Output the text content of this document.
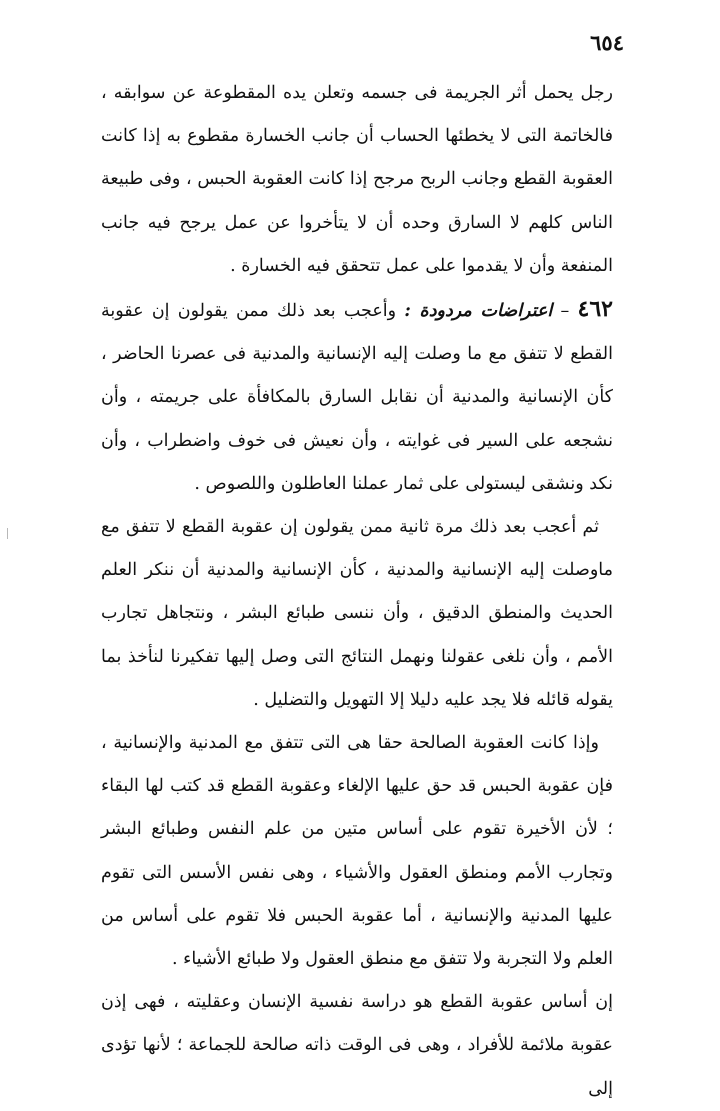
٦٥٤

رجل يحمل أثر الجريمة فى جسمه وتعلن يده المقطوعة عن سوابقه ، فالخاتمة التى لا يخطئها الحساب أن جانب الخسارة مقطوع به إذا كانت العقوبة القطع وجانب الربح مرجح إذا كانت العقوبة الحبس ، وفى طبيعة الناس كلهم لا السارق وحده أن لا يتأخروا عن عمل يرجح فيه جانب المنفعة وأن لا يقدموا على عمل تتحقق فيه الخسارة .

٤٦٢ – اعتراضات مردودة : وأعجب بعد ذلك ممن يقولون إن عقوبة القطع لا تتفق مع ما وصلت إليه الإنسانية والمدنية فى عصرنا الحاضر ، كأن الإنسانية والمدنية أن نقابل السارق بالمكافأة على جريمته ، وأن نشجعه على السير فى غوايته ، وأن نعيش فى خوف واضطراب ، وأن نكد ونشقى ليستولى على ثمار عملنا العاطلون واللصوص .

ثم أعجب بعد ذلك مرة ثانية ممن يقولون إن عقوبة القطع لا تتفق مع ماوصلت إليه الإنسانية والمدنية ، كأن الإنسانية والمدنية أن ننكر العلم الحديث والمنطق الدقيق ، وأن ننسى طبائع البشر ، ونتجاهل تجارب الأمم ، وأن نلغى عقولنا ونهمل النتائج التى وصل إليها تفكيرنا لنأخذ بما يقوله قائله فلا يجد عليه دليلا إلا التهويل والتضليل .

وإذا كانت العقوبة الصالحة حقا هى التى تتفق مع المدنية والإنسانية ، فإن عقوبة الحبس قد حق عليها الإلغاء وعقوبة القطع قد كتب لها البقاء ؛ لأن الأخيرة تقوم على أساس متين من علم النفس وطبائع البشر وتجارب الأمم ومنطق العقول والأشياء ، وهى نفس الأسس التى تقوم عليها المدنية والإنسانية ، أما عقوبة الحبس فلا تقوم على أساس من العلم ولا التجربة ولا تتفق مع منطق العقول ولا طبائع الأشياء .

إن أساس عقوبة القطع هو دراسة نفسية الإنسان وعقليته ، فهى إذن عقوبة ملائمة للأفراد ، وهى فى الوقت ذاته صالحة للجماعة ؛ لأنها تؤدى إلى
